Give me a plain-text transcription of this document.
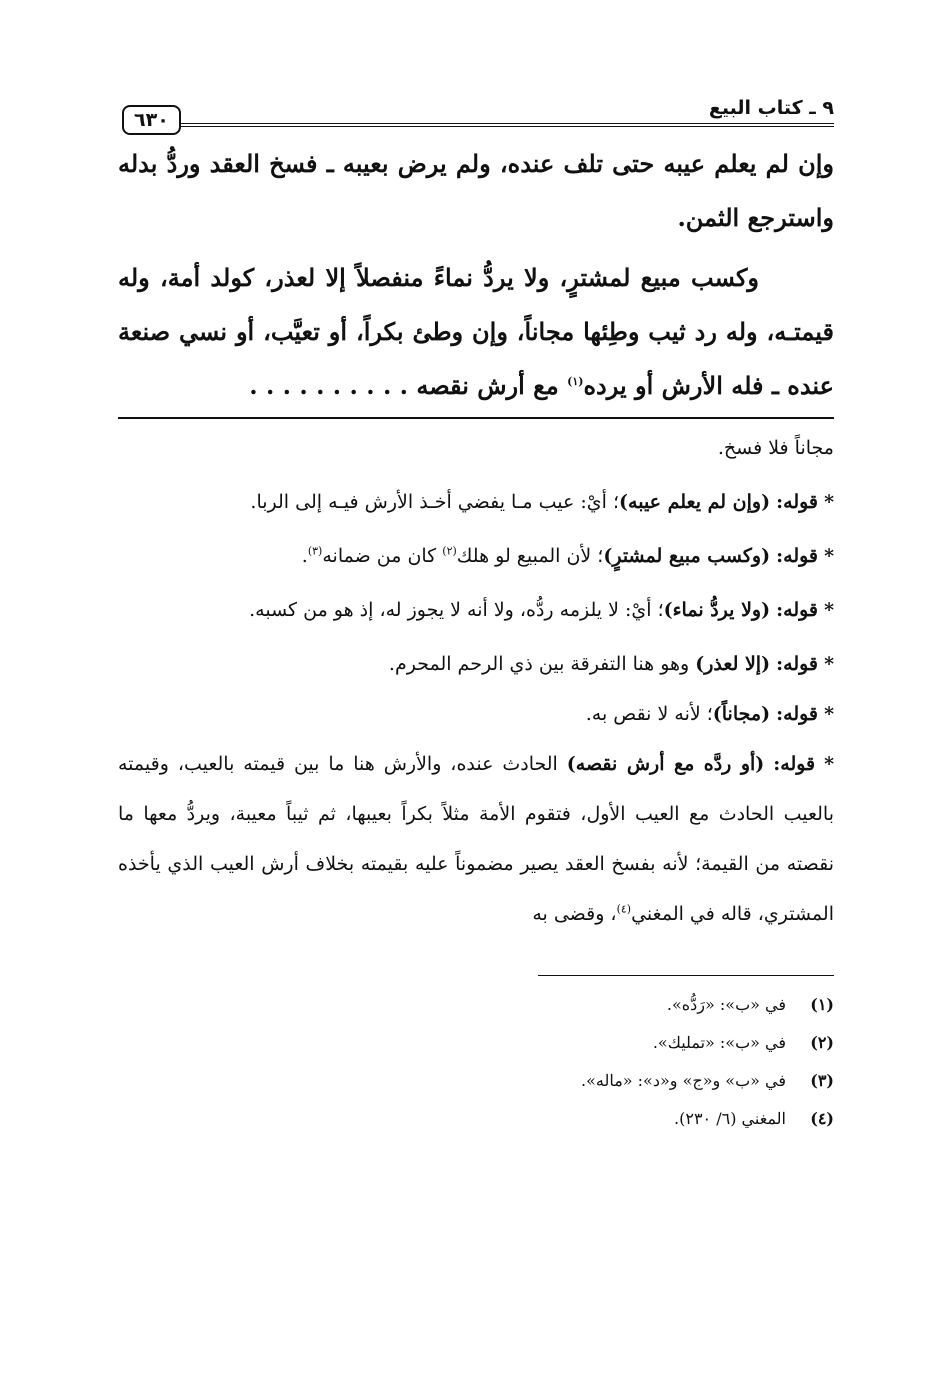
٩ ـ كتاب البيع
٦٣٠

وإن لم يعلم عيبه حتى تلف عنده، ولم يرض بعيبه ـ فسخ العقد وردُّ بدله واسترجع الثمن.

وكسب مبيع لمشترٍ، ولا يردُّ نماءً منفصلاً إلا لعذر، كولد أمة، وله قيمتـه، وله رد ثيب وطِئها مجاناً، وإن وطئ بكراً، أو تعيَّب، أو نسي صنعة عنده ـ فله الأرش أو يرده$^{(١)}$ مع أرش نقصه . . . . . . . . . .

مجاناً فلا فسخ.

* قوله: (وإن لم يعلم عيبه)؛ أيْ: عيب مـا يفضي أخـذ الأرش فيـه إلى الربا.

* قوله: (وكسب مبيع لمشترٍ)؛ لأن المبيع لو هلك$^{(٢)}$ كان من ضمانه$^{(٣)}$.

* قوله: (ولا يردُّ نماء)؛ أيْ: لا يلزمه ردُّه، ولا أنه لا يجوز له، إذ هو من كسبه.

* قوله: (إلا لعذر) وهو هنا التفرقة بين ذي الرحم المحرم.

* قوله: (مجاناً)؛ لأنه لا نقص به.

* قوله: (أو ردَّه مع أرش نقصه) الحادث عنده، والأرش هنا ما بين قيمته بالعيب، وقيمته بالعيب الحادث مع العيب الأول، فتقوم الأمة مثلاً بكراً بعيبها، ثم ثيباً معيبة، ويردُّ معها ما نقصته من القيمة؛ لأنه بفسخ العقد يصير مضموناً عليه بقيمته بخلاف أرش العيب الذي يأخذه المشتري، قاله في المغني$^{(٤)}$، وقضى به

(١)
في «ب»: «رَدُّه».
(٢)
في «ب»: «تمليك».
(٣)
في «ب» و«ج» و«د»: «ماله».
(٤)
المغني (٦/ ٢٣٠).
